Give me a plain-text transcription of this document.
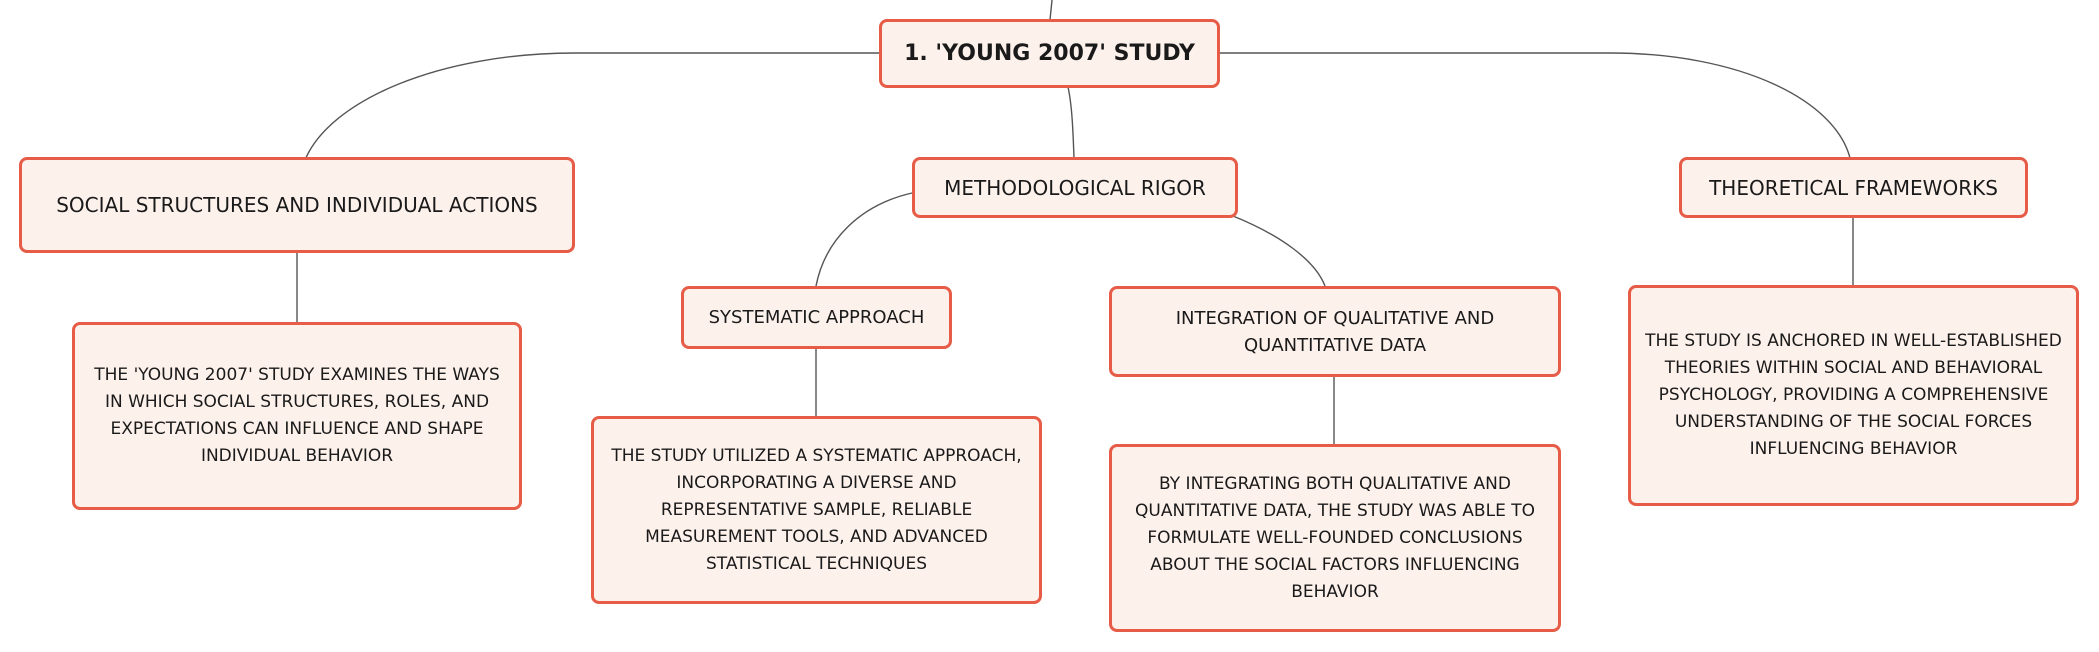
1. 'YOUNG 2007' STUDY
SOCIAL STRUCTURES AND INDIVIDUAL ACTIONS
METHODOLOGICAL RIGOR	THEORETICAL FRAMEWORKS
THE 'YOUNG 2007' STUDY EXAMINES THE WAYS IN WHICH SOCIAL STRUCTURES, ROLES, AND EXPECTATIONS CAN INFLUENCE AND SHAPE INDIVIDUAL BEHAVIOR
SYSTEMATIC APPROACH	INTEGRATION OF QUALITATIVE AND QUANTITATIVE DATA
THE STUDY UTILIZED A SYSTEMATIC APPROACH, INCORPORATING A DIVERSE AND REPRESENTATIVE SAMPLE, RELIABLE MEASUREMENT TOOLS, AND ADVANCED STATISTICAL TECHNIQUES
BY INTEGRATING BOTH QUALITATIVE AND QUANTITATIVE DATA, THE STUDY WAS ABLE TO FORMULATE WELL-FOUNDED CONCLUSIONS ABOUT THE SOCIAL FACTORS INFLUENCING BEHAVIOR
THE STUDY IS ANCHORED IN WELL-ESTABLISHED THEORIES WITHIN SOCIAL AND BEHAVIORAL PSYCHOLOGY, PROVIDING A COMPREHENSIVE UNDERSTANDING OF THE SOCIAL FORCES INFLUENCING BEHAVIOR
